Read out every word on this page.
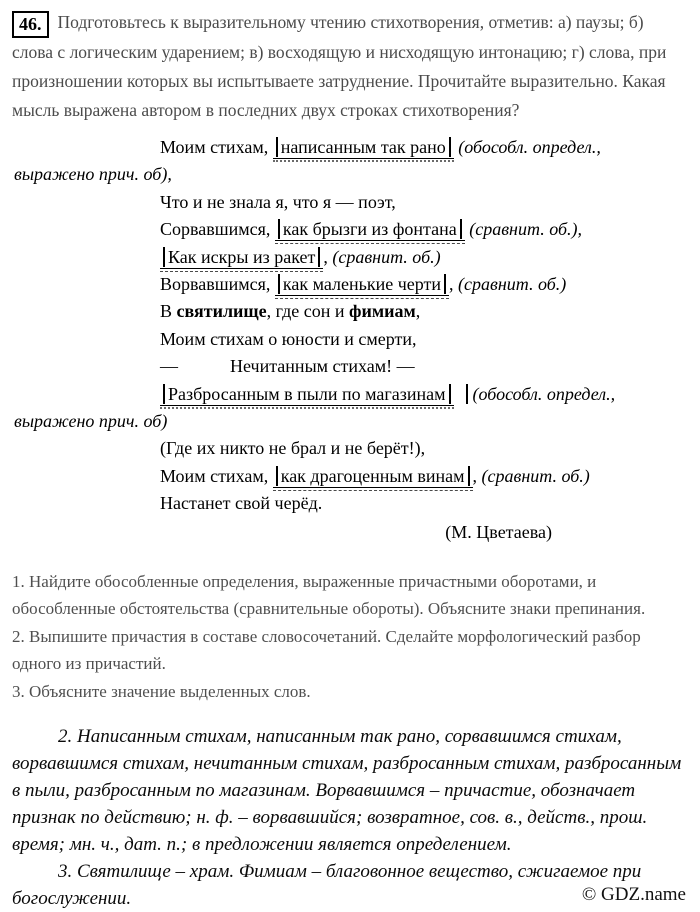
46. Подготовьтесь к выразительному чтению стихотворения, отметив: а) паузы; б) слова с логическим ударением; в) восходящую и нисходящую интонацию; г) слова, при произношении которых вы испытываете затруднение. Прочитайте выразительно. Какая мысль выражена автором в последних двух строках стихотворения?
Моим стихам, написанным так рано (обособл. определ.,
выражено прич. об),
Что и не знала я, что я — поэт,
Сорвавшимся, как брызги из фонтана (сравнит. об.),
Как искры из ракет , (сравнит. об.)
Ворвавшимся, как маленькие черти , (сравнит. об.)
В святилище, где сон и фимиам,
Моим стихам о юности и смерти,
—	Нечитанным стихам! —
Разбросанным в пыли по магазинам (обособл. определ.,
выражено прич. об)
(Где их никто не брал и не берёт!),
Моим стихам, как драгоценным винам , (сравнит. об.)
Настанет свой черёд.
(М. Цветаева)

1. Найдите обособленные определения, выраженные причастными оборотами, и обособленные обстоятельства (сравнительные обороты). Объясните знаки препинания.

2. Выпишите причастия в составе словосочетаний. Сделайте морфологический разбор одного из причастий.

3. Объясните значение выделенных слов.

2. Написанным стихам, написанным так рано, сорвавшимся стихам, ворвавшимся стихам, нечитанным стихам, разбросанным стихам, разбросанным в пыли, разбросанным по магазинам. Ворвавшимся – причастие, обозначает признак по действию; н. ф. – ворвавшийся; возвратное, сов. в., действ., прош. время; мн. ч., дат. п.; в предложении является определением.

3. Святилище – храм. Фимиам – благовонное вещество, сжигаемое при богослужении.	© GDZ.name
